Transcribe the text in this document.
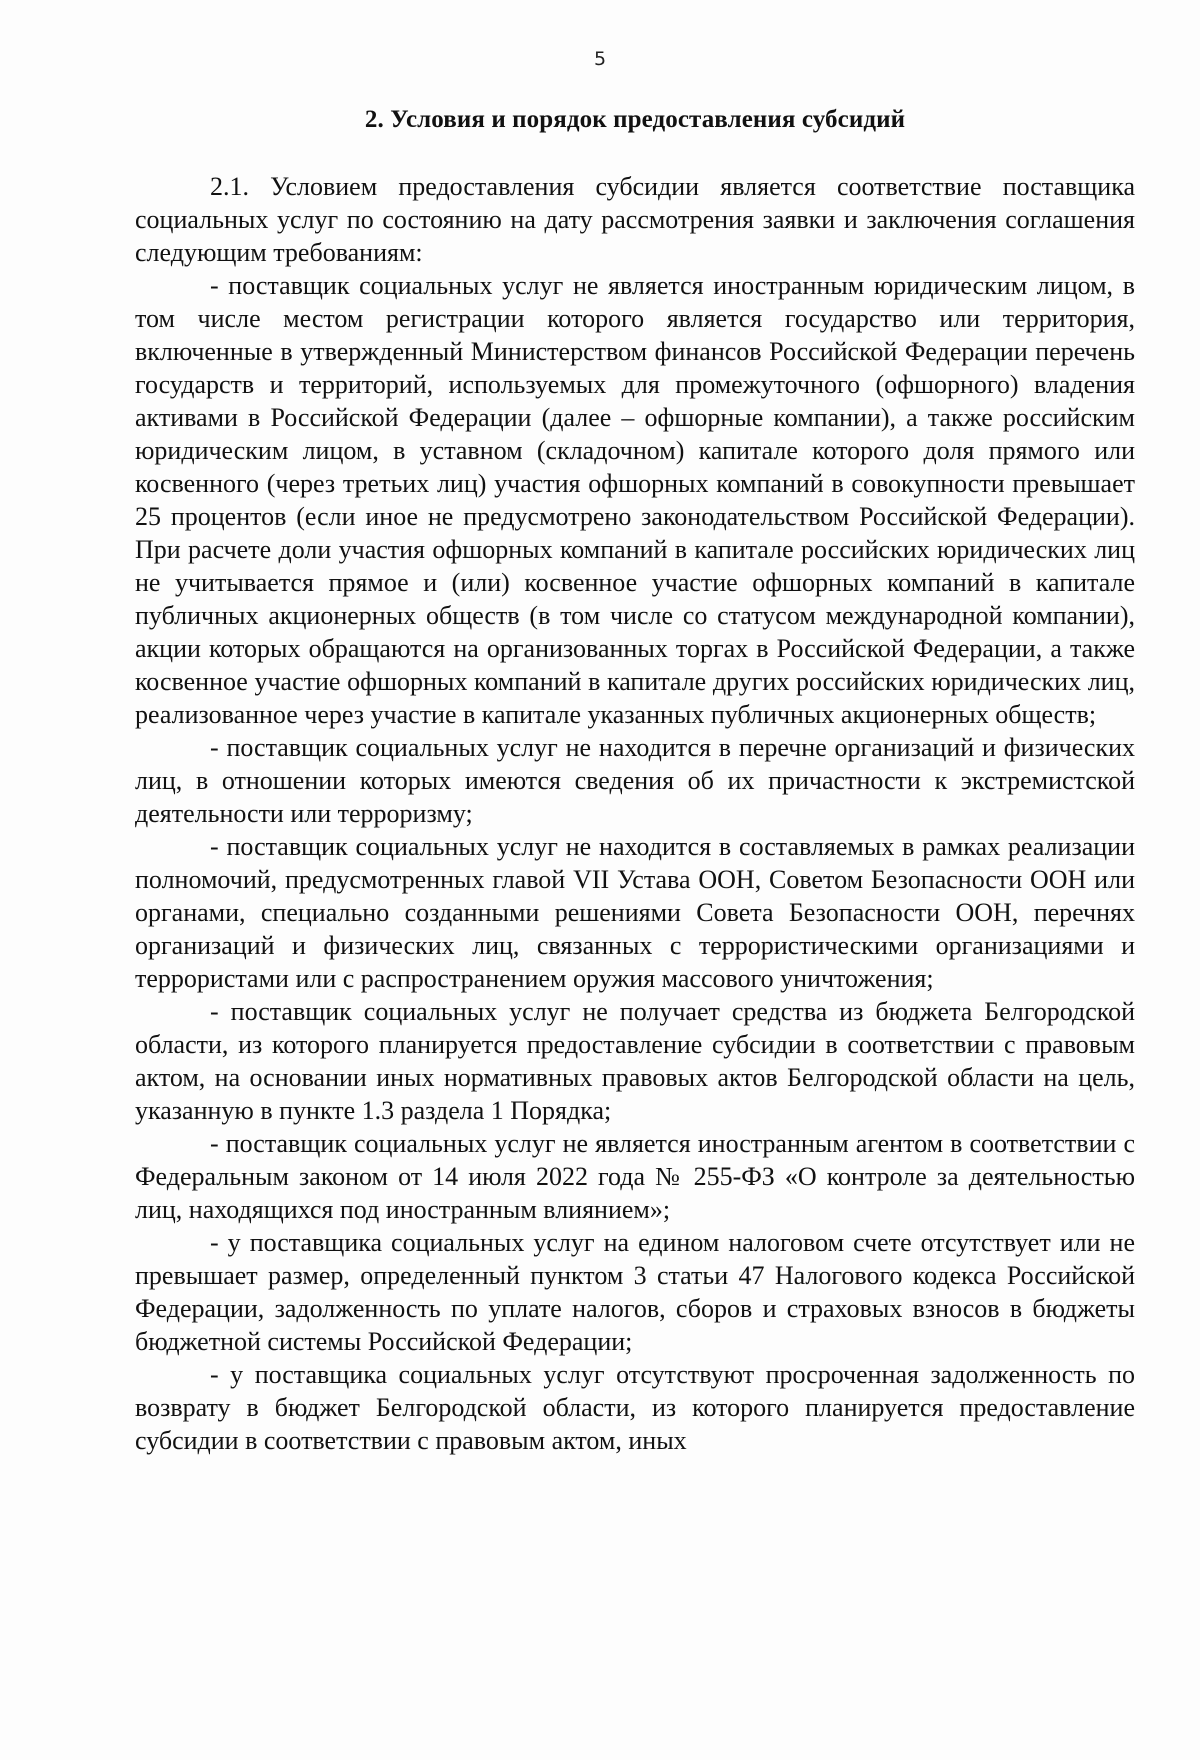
5
2. Условия и порядок предоставления субсидий

2.1. Условием предоставления субсидии является соответствие поставщика социальных услуг по состоянию на дату рассмотрения заявки и заключения соглашения следующим требованиям:

- поставщик социальных услуг не является иностранным юридическим лицом, в том числе местом регистрации которого является государство или территория, включенные в утвержденный Министерством финансов Российской Федерации перечень государств и территорий, используемых для промежуточного (офшорного) владения активами в Российской Федерации (далее – офшорные компании), а также российским юридическим лицом, в уставном (складочном) капитале которого доля прямого или косвенного (через третьих лиц) участия офшорных компаний в совокупности превышает 25 процентов (если иное не предусмотрено законодательством Российской Федерации). При расчете доли участия офшорных компаний в капитале российских юридических лиц не учитывается прямое и (или) косвенное участие офшорных компаний в капитале публичных акционерных обществ (в том числе со статусом международной компании), акции которых обращаются на организованных торгах в Российской Федерации, а также косвенное участие офшорных компаний в капитале других российских юридических лиц, реализованное через участие в капитале указанных публичных акционерных обществ;

- поставщик социальных услуг не находится в перечне организаций и физических лиц, в отношении которых имеются сведения об их причастности к экстремистской деятельности или терроризму;

- поставщик социальных услуг не находится в составляемых в рамках реализации полномочий, предусмотренных главой VII Устава ООН, Советом Безопасности ООН или органами, специально созданными решениями Совета Безопасности ООН, перечнях организаций и физических лиц, связанных с террористическими организациями и террористами или с распространением оружия массового уничтожения;

- поставщик социальных услуг не получает средства из бюджета Белгородской области, из которого планируется предоставление субсидии в соответствии с правовым актом, на основании иных нормативных правовых актов Белгородской области на цель, указанную в пункте 1.3 раздела 1 Порядка;

- поставщик социальных услуг не является иностранным агентом в соответствии с Федеральным законом от 14 июля 2022 года № 255-ФЗ «О контроле за деятельностью лиц, находящихся под иностранным влиянием»;

- у поставщика социальных услуг на едином налоговом счете отсутствует или не превышает размер, определенный пунктом 3 статьи 47 Налогового кодекса Российской Федерации, задолженность по уплате налогов, сборов и страховых взносов в бюджеты бюджетной системы Российской Федерации;

- у поставщика социальных услуг отсутствуют просроченная задолженность по возврату в бюджет Белгородской области, из которого планируется предоставление субсидии в соответствии с правовым актом, иных
